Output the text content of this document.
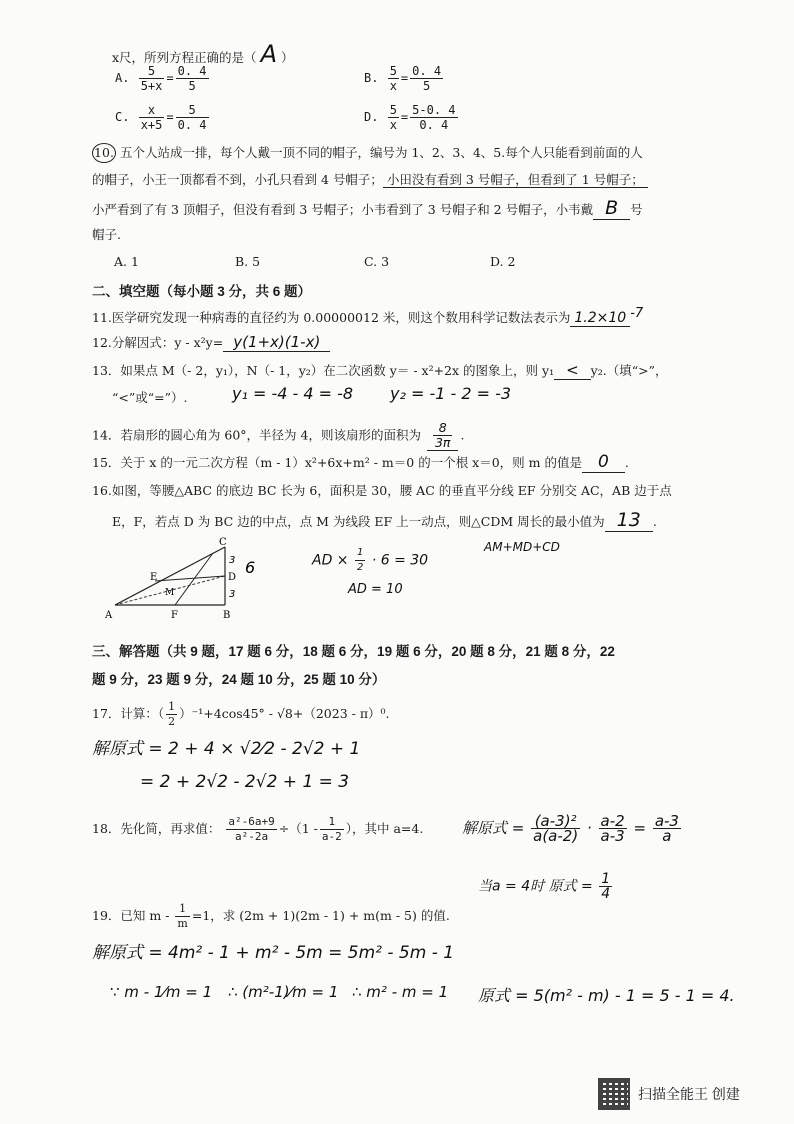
x尺，所列方程正确的是（ A ）
A. $\frac{5}{5+x} = \frac{0. 4}{5}$	B. $\frac{5}{x} = \frac{0. 4}{5}$
C. $\frac{x}{x+5} = \frac{5}{0. 4}$	D. $\frac{5}{x} = \frac{5-0. 4}{0. 4}$
10. 五个人站成一排，每个人戴一顶不同的帽子，编号为 1、2、3、4、5.每个人只能看到前面的人
的帽子，小王一顶都看不到，小孔只看到 4 号帽子； 小田没有看到 3 号帽子，但看到了 1 号帽子；
小严看到了有 3 顶帽子，但没有看到 3 号帽子；小韦看到了 3 号帽子和 2 号帽子，小韦戴 B 号
帽子.
A. 1	B. 5	C. 3	D. 2
二、填空题（每小题 3 分，共 6 题）
11.医学研究发现一种病毒的直径约为 0.00000012 米，则这个数用科学记数法表示为 1.2×10 $^{-7}$
12.分解因式：y - x²y= y(1+x)(1-x)
13．如果点 M（- 2，y₁），N（- 1，y₂）在二次函数 y＝ - x²+2x 的图象上，则 y₁ < y₂.（填“>”，
“<”或“=”）.	y₁ = -4 - 4 = -8 y₂ = -1 - 2 = -3
14．若扇形的圆心角为 60°，半径为 4，则该扇形的面积为 $\frac{8}{3\pi}$ .
15．关于 x 的一元二次方程（m - 1）x²+6x+m² - m＝0 的一个根 x＝0，则 m 的值是 0 .
16.如图，等腰△ABC 的底边 BC 长为 6，面积是 30，腰 AC 的垂直平分线 EF 分别交 AC，AB 边于点
E，F，若点 D 为 BC 边的中点，点 M 为线段 EF 上一动点，则△CDM 周长的最小值为 13 .
C
E	D
M
A	F	B
3
3
6	AD × $\frac{1}{2} \cdot 6 = 30$
AD = 10
AM+MD+CD
三、解答题（共 9 题，17 题 6 分，18 题 6 分，19 题 6 分，20 题 8 分，21 题 8 分，22
题 9 分，23 题 9 分，24 题 10 分，25 题 10 分）
17．计算：（ $\frac{1}{2} )^{-1}+4\cos 45^\circ - √8+(2023 - \pi)^0$.
解原式 = 2 + 4 × √2⁄2 - 2√2 + 1
= 2 + 2√2 - 2√2 + 1 = 3
18．先化简，再求值： $\frac{\text{a²-6a+9}}{\text{a²-2a}} \div(1 - \frac{1}{a-2}$ ），其中 a=4.	解原式 = $\frac{\text{(a-3)²}}{a(a-2)} \cdot \frac{a-2}{a-3} = \frac{a-3}{a}$
当a = 4时 原式 = $\frac{1}{4}$
19．已知 $m - \frac{1}{m} =1$，求 (2m + 1)(2m - 1) + m(m - 5) 的值.
解原式 = 4m² - 1 + m² - 5m = 5m² - 5m - 1
∵ m - 1⁄m = 1 ∴ (m²-1)⁄m = 1 ∴ m² - m = 1 原式 = 5(m² - m) - 1 = 5 - 1 = 4.
扫描全能王 创建
